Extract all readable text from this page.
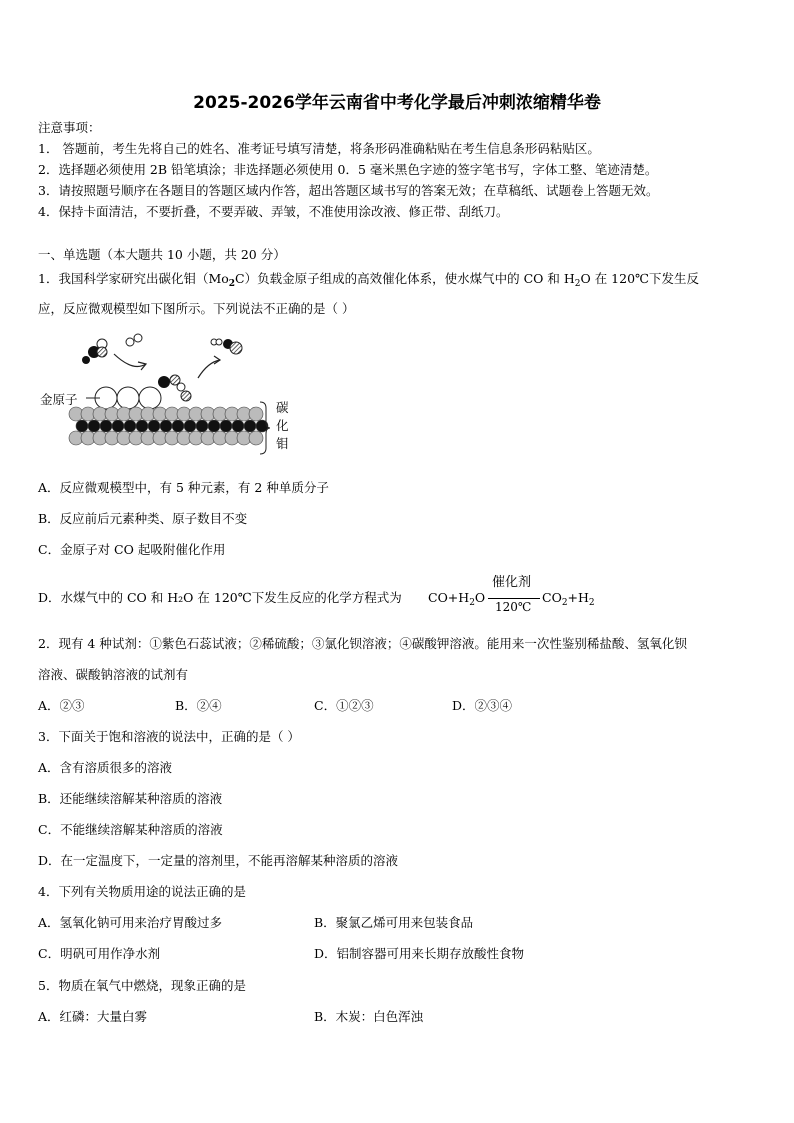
2025-2026学年云南省中考化学最后冲刺浓缩精华卷
注意事项：
1． 答题前，考生先将自己的姓名、准考证号填写清楚，将条形码准确粘贴在考生信息条形码粘贴区。
2．选择题必须使用 2B 铅笔填涂；非选择题必须使用 0．5 毫米黑色字迹的签字笔书写，字体工整、笔迹清楚。
3．请按照题号顺序在各题目的答题区域内作答，超出答题区域书写的答案无效；在草稿纸、试题卷上答题无效。
4．保持卡面清洁，不要折叠，不要弄破、弄皱，不准使用涂改液、修正带、刮纸刀。
一、单选题（本大题共 10 小题，共 20 分）
1．我国科学家研究出碳化钼$(Mo_2C)$负载金原子组成的高效催化体系，使水煤气中的 CO 和 $H_2O$ 在 120℃下发生反
应，反应微观模型如下图所示。下列说法不正确的是（ ）
金原子
碳
化
钼
A．反应微观模型中，有 5 种元素，有 2 种单质分子
B．反应前后元素种类、原子数目不变
C．金原子对 CO 起吸附催化作用
D．水煤气中的 CO 和 H₂O 在 120℃下发生反应的化学方程式为 $CO+H_2O$
催化剂
120℃
$CO_2+H_2$
2．现有 4 种试剂：①紫色石蕊试液；②稀硫酸；③氯化钡溶液；④碳酸钾溶液。能用来一次性鉴别稀盐酸、氢氧化钡
溶液、碳酸钠溶液的试剂有
A．②③	B．②④	C．①②③	D．②③④
3．下面关于饱和溶液的说法中，正确的是（ ）
A．含有溶质很多的溶液
B．还能继续溶解某种溶质的溶液
C．不能继续溶解某种溶质的溶液
D．在一定温度下，一定量的溶剂里，不能再溶解某种溶质的溶液
4．下列有关物质用途的说法正确的是
A．氢氧化钠可用来治疗胃酸过多	B．聚氯乙烯可用来包装食品
C．明矾可用作净水剂	D．铝制容器可用来长期存放酸性食物
5．物质在氧气中燃烧，现象正确的是
A．红磷：大量白雾	B．木炭：白色浑浊
